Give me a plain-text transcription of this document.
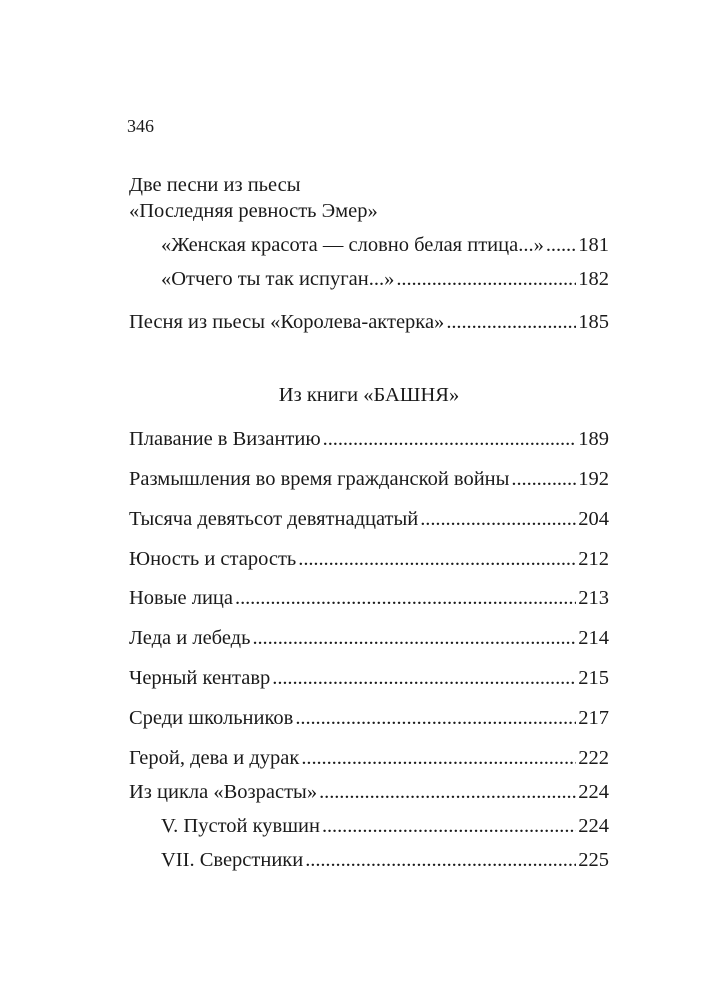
346
Две песни из пьесы
«Последняя ревность Эмер»
«Женская красота — словно белая птица...» . . . 181
«Отчего ты так испуган...» . . .	182
Песня из пьесы «Королева-актерка» . . .	185
Из книги «БАШНЯ»
Плавание в Византию . . .	189
Размышления во время гражданской войны . . .	192
Тысяча девятьсот девятнадцатый . . .	204
Юность и старость . . .	212
Новые лица . . .	213
Леда и лебедь . . .	214
Черный кентавр . . .	215
Среди школьников . . .	217
Герой, дева и дурак . . .	222
Из цикла «Возрасты» . . .	224
V. Пустой кувшин . . .	224
VII. Сверстники . . .	225
